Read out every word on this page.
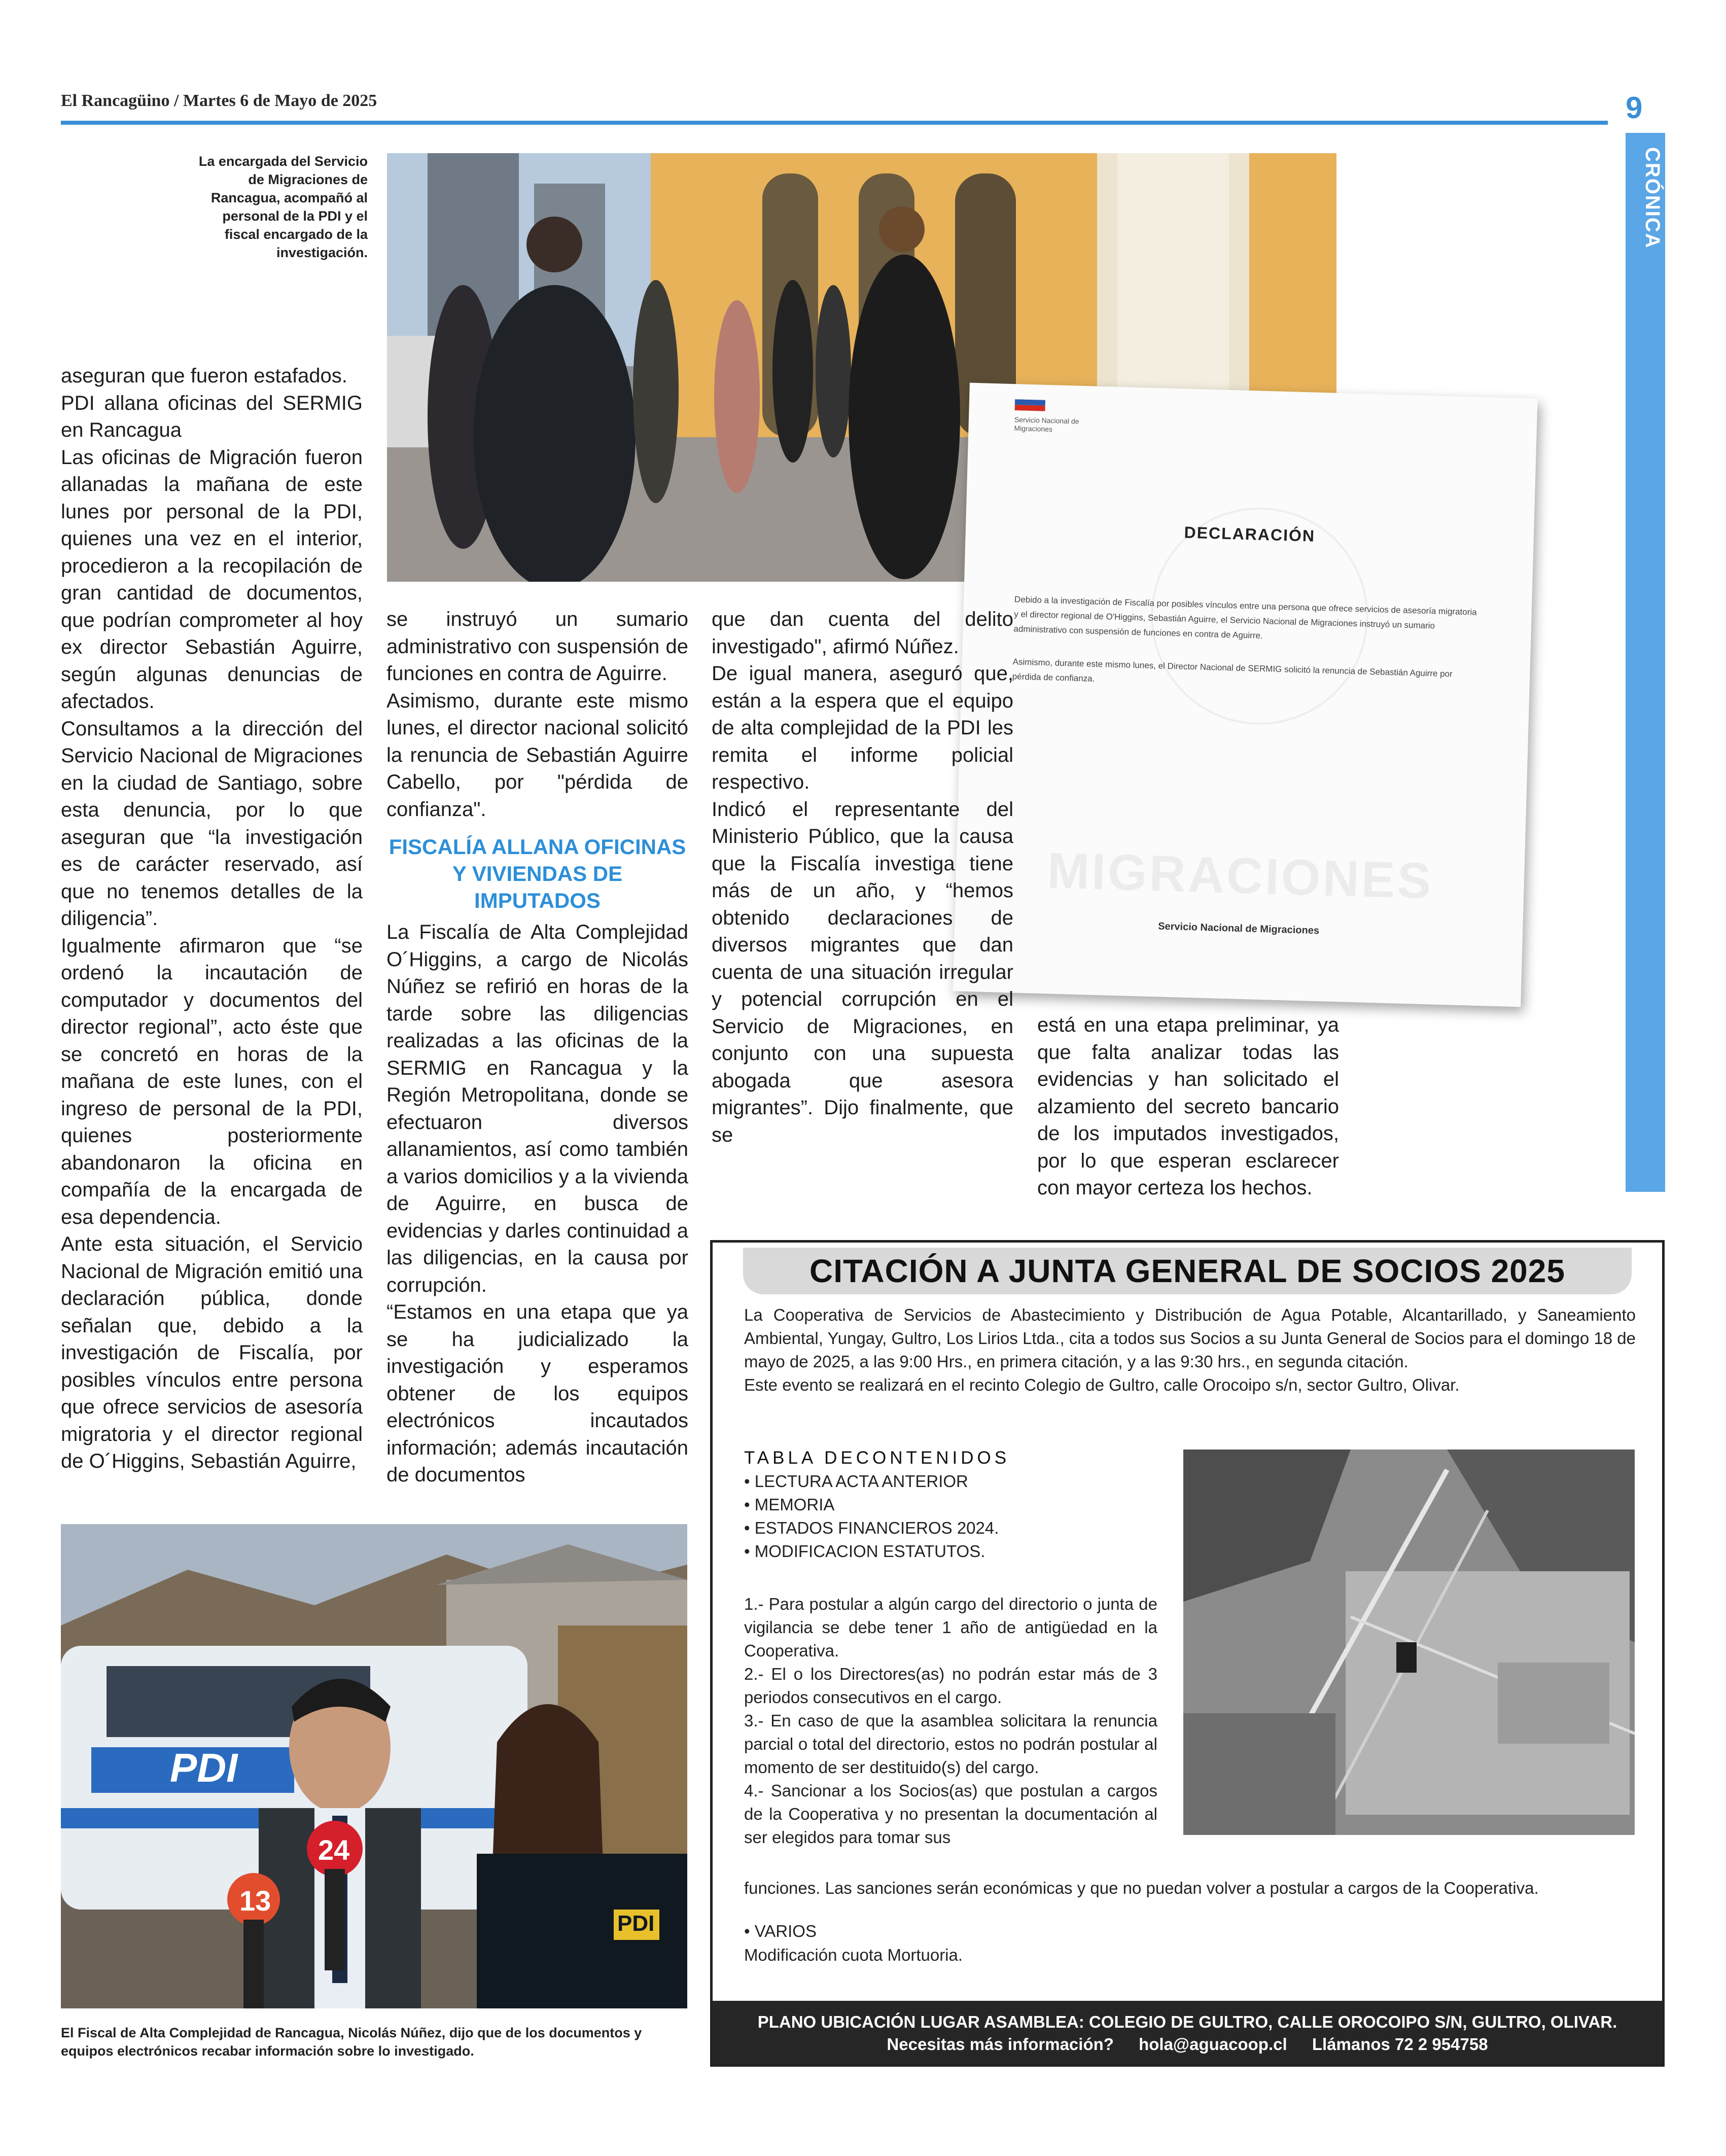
El Rancagüino / Martes 6 de Mayo de 2025	9
CRÓNICA
La encargada del Servicio de Migraciones de Rancagua, acompañó al personal de la PDI y el fiscal encargado de la investigación.
Servicio Nacional de Migraciones
DECLARACIÓN

Debido a la investigación de Fiscalía por posibles vínculos entre una persona que ofrece servicios de asesoría migratoria y el director regional de O'Higgins, Sebastián Aguirre, el Servicio Nacional de Migraciones instruyó un sumario administrativo con suspensión de funciones en contra de Aguirre.

Asimismo, durante este mismo lunes, el Director Nacional de SERMIG solicitó la renuncia de Sebastián Aguirre por pérdida de confianza.

MIGRACIONES
Servicio Nacional de Migraciones

aseguran que fueron estafados.

PDI allana oficinas del SERMIG en Rancagua

Las oficinas de Migración fueron allanadas la mañana de este lunes por personal de la PDI, quienes una vez en el interior, procedieron a la recopilación de gran cantidad de documentos, que podrían comprometer al hoy ex director Sebastián Aguirre, según algunas denuncias de afectados.

Consultamos a la dirección del Servicio Nacional de Migraciones en la ciudad de Santiago, sobre esta denuncia, por lo que aseguran que “la investigación es de carácter reservado, así que no tenemos detalles de la diligencia”.

Igualmente afirmaron que “se ordenó la incautación de computador y documentos del director regional”, acto éste que se concretó en horas de la mañana de este lunes, con el ingreso de personal de la PDI, quienes posteriormente abandonaron la oficina en compañía de la encargada de esa dependencia.

Ante esta situación, el Servicio Nacional de Migración emitió una declaración pública, donde señalan que, debido a la investigación de Fiscalía, por posibles vínculos entre persona que ofrece servicios de asesoría migratoria y el director regional de O´Higgins, Sebastián Aguirre,

se instruyó un sumario administrativo con suspensión de funciones en contra de Aguirre.

Asimismo, durante este mismo lunes, el director nacional solicitó la renuncia de Sebastián Aguirre Cabello, por "pérdida de confianza".

FISCALÍA ALLANA OFICINAS Y VIVIENDAS DE IMPUTADOS

La Fiscalía de Alta Complejidad O´Higgins, a cargo de Nicolás Núñez se refirió en horas de la tarde sobre las diligencias realizadas a las oficinas de la SERMIG en Rancagua y la Región Metropolitana, donde se efectuaron diversos allanamientos, así como también a varios domicilios y a la vivienda de Aguirre, en busca de evidencias y darles continuidad a las diligencias, en la causa por corrupción.

“Estamos en una etapa que ya se ha judicializado la investigación y esperamos obtener de los equipos electrónicos incautados información; además incautación de documentos

que dan cuenta del delito investigado", afirmó Núñez.

De igual manera, aseguró que, están a la espera que el equipo de alta complejidad de la PDI les remita el informe policial respectivo.

Indicó el representante del Ministerio Público, que la causa que la Fiscalía investiga tiene más de un año, y “hemos obtenido declaraciones de diversos migrantes que dan cuenta de una situación irregular y potencial corrupción en el Servicio de Migraciones, en conjunto con una supuesta abogada que asesora migrantes”. Dijo finalmente, que se

está en una etapa preliminar, ya que falta analizar todas las evidencias y han solicitado el alzamiento del secreto bancario de los imputados investigados, por lo que esperan esclarecer con mayor certeza los hechos.

PDI
13
24
PDI
El Fiscal de Alta Complejidad de Rancagua, Nicolás Núñez, dijo que de los documentos y equipos electrónicos recabar información sobre lo investigado.
CITACIÓN A JUNTA GENERAL DE SOCIOS 2025

La Cooperativa de Servicios de Abastecimiento y Distribución de Agua Potable, Alcantarillado, y Saneamiento Ambiental, Yungay, Gultro, Los Lirios Ltda., cita a todos sus Socios a su Junta General de Socios para el domingo 18 de mayo de 2025, a las 9:00 Hrs., en primera citación, y a las 9:30 hrs., en segunda citación.

Este evento se realizará en el recinto Colegio de Gultro, calle Orocoipo s/n, sector Gultro, Olivar.

TABLA DECONTENIDOS
• LECTURA ACTA ANTERIOR
• MEMORIA
• ESTADOS FINANCIEROS 2024.
• MODIFICACION ESTATUTOS.

1.- Para postular a algún cargo del directorio o junta de vigilancia se debe tener 1 año de antigüedad en la Cooperativa.

2.- El o los Directores(as) no podrán estar más de 3 periodos consecutivos en el cargo.

3.- En caso de que la asamblea solicitara la renuncia parcial o total del directorio, estos no podrán postular al momento de ser destituido(s) del cargo.

4.- Sancionar a los Socios(as) que postulan a cargos de la Cooperativa y no presentan la documentación al ser elegidos para tomar sus

funciones. Las sanciones serán económicas y que no puedan volver a postular a cargos de la Cooperativa.
• VARIOS
Modificación cuota Mortuoria.
PLANO UBICACIÓN LUGAR ASAMBLEA: COLEGIO DE GULTRO, CALLE OROCOIPO S/N, GULTRO, OLIVAR.
Necesitas más información? hola@aguacoop.cl Llámanos 72 2 954758
